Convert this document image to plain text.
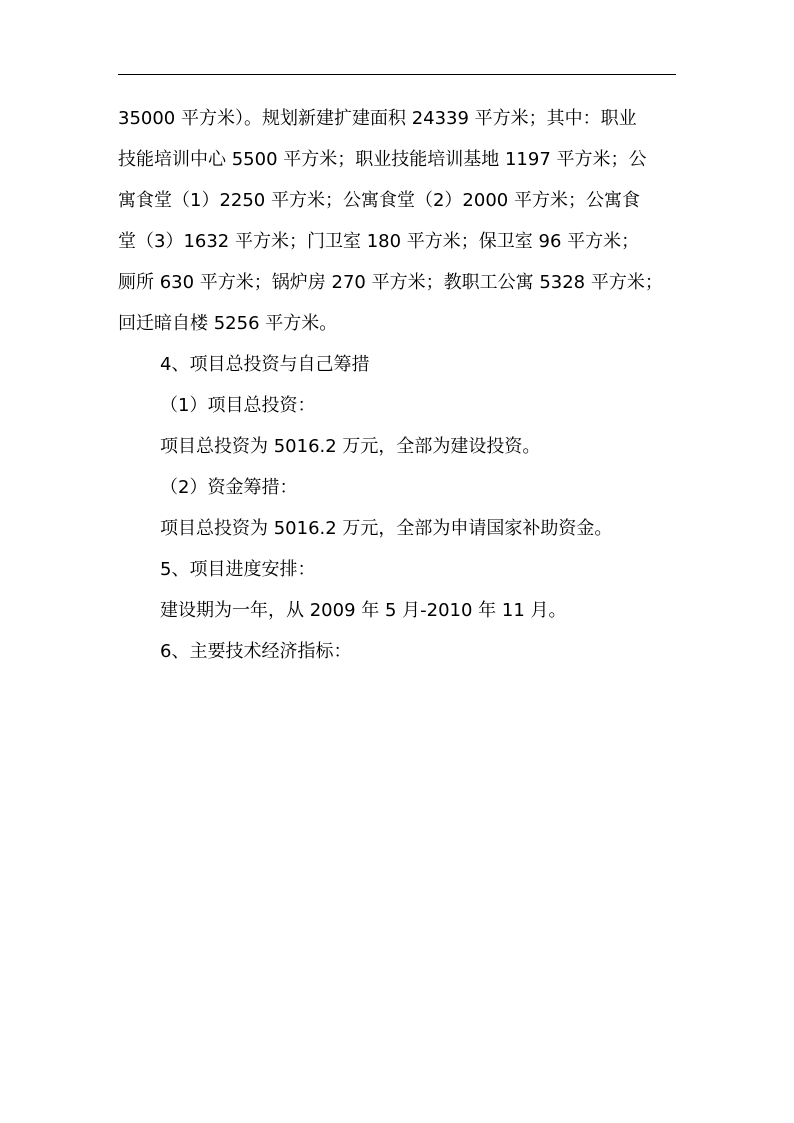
35000 平方米）。规划新建扩建面积 24339 平方米；其中：职业
技能培训中心 5500 平方米；职业技能培训基地 1197 平方米；公
寓食堂（1）2250 平方米；公寓食堂（2）2000 平方米；公寓食
堂（3）1632 平方米；门卫室 180 平方米；保卫室 96 平方米；
厕所 630 平方米；锅炉房 270 平方米；教职工公寓 5328 平方米；
回迁暗自楼 5256 平方米。
4、项目总投资与自己筹措
（1）项目总投资：
项目总投资为 5016.2 万元，全部为建设投资。
（2）资金筹措：
项目总投资为 5016.2 万元，全部为申请国家补助资金。
5、项目进度安排：
建设期为一年，从 2009 年 5 月-2010 年 11 月。
6、主要技术经济指标：
